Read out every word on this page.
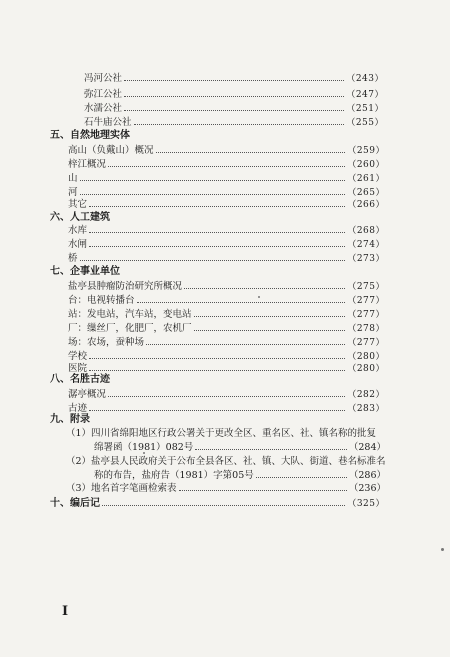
冯河公社	（243）
弥江公社	（247）
水濡公社	（251）
石牛庙公社	（255）
五、自然地理实体
高山（负戴山）概况	（259）
梓江概况	（260）
山	（261）
河	（265）
其它	（266）
六、人工建筑
水库	（268）
水闸	（274）
桥	（273）
七、企事业单位
盐亭县肿瘤防治研究所概况	（275）
台：电视转播台	（277）
站：发电站，汽车站，变电站	（277）
厂：缫丝厂，化肥厂，农机厂	（278）
场：农场，蚕种场	（277）
学校	（280）
医院	（280）
八、名胜古迹
潺亭概况	（282）
古迹	（283）
九、附录
（1）四川省绵阳地区行政公署关于更改全区、重名区、社、镇名称的批复
绵署函（1981）082号	（284）
（2）盐亭县人民政府关于公布全县各区、社、镇、大队、街道、巷名标准名
称的布告，盐府告（1981）字第05号	（286）
（3）地名首字笔画检索表	（236）
十、编后记	（325）
I
